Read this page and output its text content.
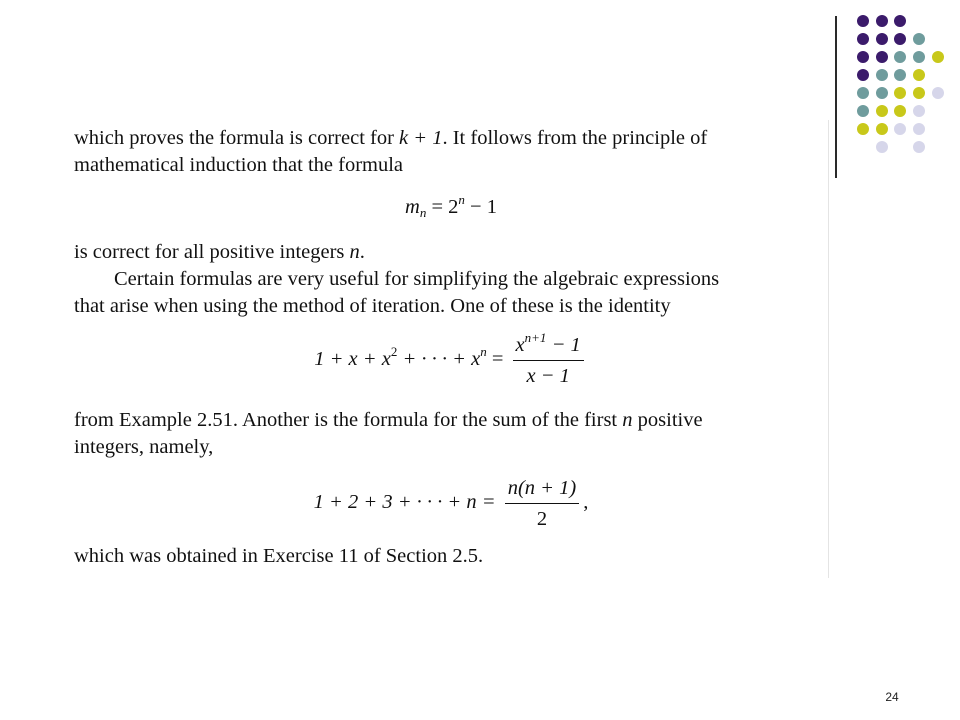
which proves the formula is correct for k + 1. It follows from the principle of

mathematical induction that the formula

$m_n = 2^n - 1$

is correct for all positive integers n.

Certain formulas are very useful for simplifying the algebraic expressions

that arise when using the method of iteration. One of these is the identity

$1 + x + x^2$ + · · · + $x^n = \frac{x^{n+1} - 1}{x - 1}$

from Example 2.51. Another is the formula for the sum of the first n positive

integers, namely,

1 + 2 + 3 + · · · + $n = \frac{n(n + 1)}{2}$ ,

which was obtained in Exercise 11 of Section 2.5.

24
